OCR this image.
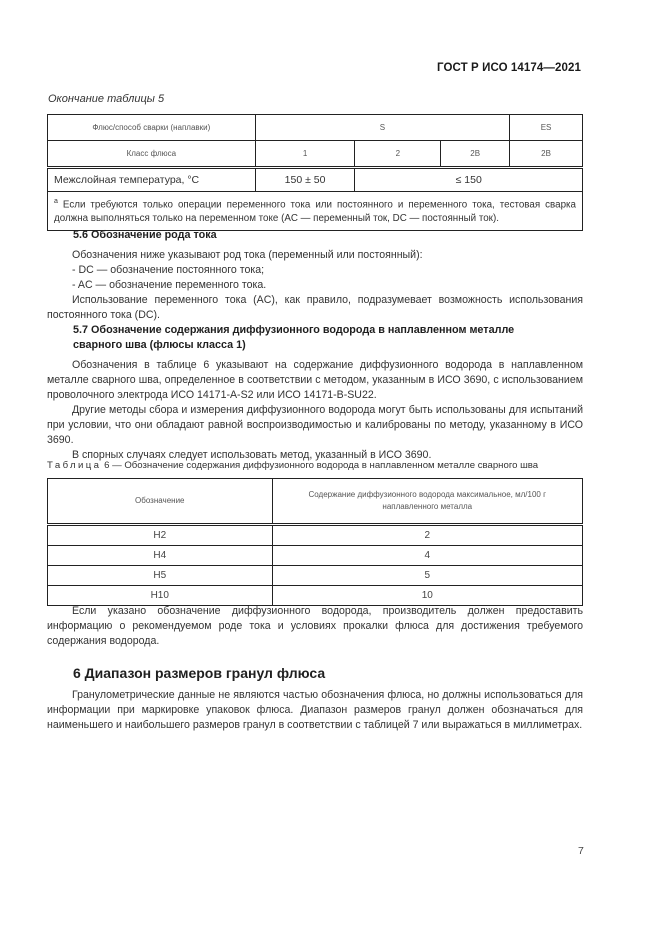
ГОСТ Р ИСО 14174—2021
Окончание таблицы 5
Флюс/способ сварки (наплавки)	S			ES
Класс флюса	1	2	2B	2B
Межслойная температура, °С	150 ± 50	≤ 150		
$^a$ Если требуются только операции переменного тока или постоянного и переменного тока, тестовая сварка должна выполняться только на переменном токе (AC — переменный ток, DC — постоянный ток).				
5.6 Обозначение рода тока

Обозначения ниже указывают род тока (переменный или постоянный):

- DC — обозначение постоянного тока;

- AC — обозначение переменного тока.

Использование переменного тока (AC), как правило, подразумевает возможность использования постоянного тока (DC).

5.7 Обозначение содержания диффузионного водорода в наплавленном металле сварного шва (флюсы класса 1)

Обозначения в таблице 6 указывают на содержание диффузионного водорода в наплавленном металле сварного шва, определенное в соответствии с методом, указанным в ИСО 3690, с использованием проволочного электрода ИСО 14171-A-S2 или ИСО 14171-B-SU22.

Другие методы сбора и измерения диффузионного водорода могут быть использованы для испытаний при условии, что они обладают равной воспроизводимостью и калиброваны по методу, указанному в ИСО 3690.

В спорных случаях следует использовать метод, указанный в ИСО 3690.

Таблица 6 — Обозначение содержания диффузионного водорода в наплавленном металле сварного шва
Обозначение	Содержание диффузионного водорода максимальное, мл/100 г наплавленного металла
H2	2
H4	4
H5	5
H10	10

Если указано обозначение диффузионного водорода, производитель должен предоставить информацию о рекомендуемом роде тока и условиях прокалки флюса для достижения требуемого содержания водорода.

6 Диапазон размеров гранул флюса

Гранулометрические данные не являются частью обозначения флюса, но должны использоваться для информации при маркировке упаковок флюса. Диапазон размеров гранул должен обозначаться для наименьшего и наибольшего размеров гранул в соответствии с таблицей 7 или выражаться в миллиметрах.

7
